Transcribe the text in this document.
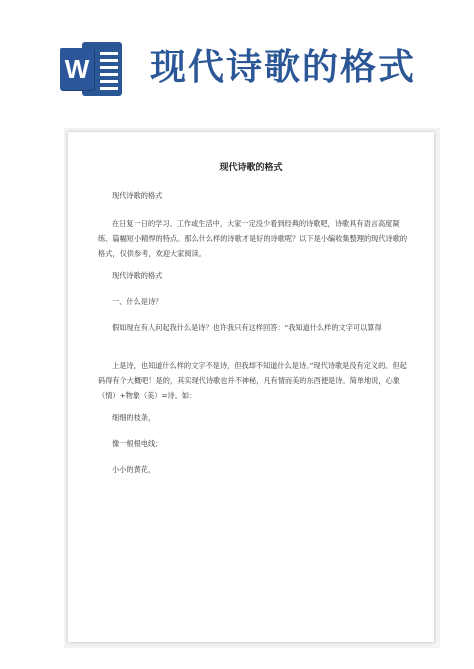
W 现代诗歌的格式
现代诗歌的格式
现代诗歌的格式
在日复一日的学习、工作或生活中，大家一定没少看到经典的诗歌吧，诗歌具有语言高度凝练、篇幅短小精悍的特点。那么什么样的诗歌才是好的诗歌呢？以下是小编收集整理的现代诗歌的格式，仅供参考，欢迎大家阅读。
现代诗歌的格式
一、什么是诗？
假如现在有人问起我什么是诗？也许我只有这样回答：“我知道什么样的文字可以算得
上是诗，也知道什么样的文字不是诗，但我却不知道什么是诗。”现代诗歌是没有定义的。但起码得有个大概吧！是的，其实现代诗歌也并不神秘，凡有情而美的东西便是诗。简单地说，心象（情）+物象（美）=诗。如：
细细的枝条，
像一根根电线；
小小的黄花，
